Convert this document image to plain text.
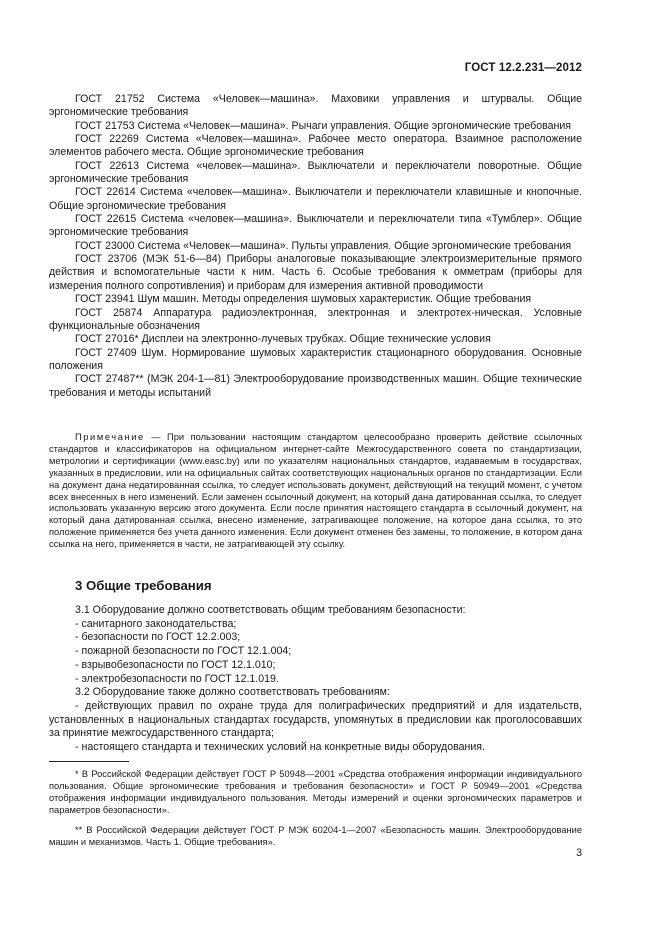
ГОСТ 12.2.231—2012

ГОСТ 21752 Система «Человек—машина». Маховики управления и штурвалы. Общие эргономические требования

ГОСТ 21753 Система «Человек—машина». Рычаги управления. Общие эргономические требования

ГОСТ 22269 Система «Человек—машина». Рабочее место оператора. Взаимное расположение элементов рабочего места. Общие эргономические требования

ГОСТ 22613 Система «человек—машина». Выключатели и переключатели поворотные. Общие эргономические требования

ГОСТ 22614 Система «человек—машина». Выключатели и переключатели клавишные и кнопочные. Общие эргономические требования

ГОСТ 22615 Система «человек—машина». Выключатели и переключатели типа «Тумблер». Общие эргономические требования

ГОСТ 23000 Система «Человек—машина». Пульты управления. Общие эргономические требования

ГОСТ 23706 (МЭК 51-6—84) Приборы аналоговые показывающие электроизмерительные прямого действия и вспомогательные части к ним. Часть 6. Особые требования к омметрам (приборы для измерения полного сопротивления) и приборам для измерения активной проводимости

ГОСТ 23941 Шум машин. Методы определения шумовых характеристик. Общие требования

ГОСТ 25874 Аппаратура радиоэлектронная, электронная и электротех-ническая. Условные функциональные обозначения

ГОСТ 27016* Дисплеи на электронно-лучевых трубках. Общие технические условия

ГОСТ 27409 Шум. Нормирование шумовых характеристик стационарного оборудования. Основные положения

ГОСТ 27487** (МЭК 204-1—81) Электрооборудование производственных машин. Общие технические требования и методы испытаний

Примечание — При пользовании настоящим стандартом целесообразно проверить действие ссылочных стандартов и классификаторов на официальном интернет-сайте Межгосударственного совета по стандартизации, метрологии и сертификации (www.easc.by) или по указателям национальных стандартов, издаваемым в государствах, указанных в предисловии, или на официальных сайтах соответствующих национальных органов по стандартизации. Если на документ дана недатированная ссылка, то следует использовать документ, действующий на текущий момент, с учетом всех внесенных в него изменений. Если заменен ссылочный документ, на который дана датированная ссылка, то следует использовать указанную версию этого документа. Если после принятия настоящего стандарта в ссылочный документ, на который дана датированная ссылка, внесено изменение, затрагивающее положение, на которое дана ссылка, то это положение применяется без учета данного изменения. Если документ отменен без замены, то положение, в котором дана ссылка на него, применяется в части, не затрагивающей эту ссылку.

3 Общие требования

3.1 Оборудование должно соответствовать общим требованиям безопасности:

- санитарного законодательства;

- безопасности по ГОСТ 12.2.003;

- пожарной безопасности по ГОСТ 12.1.004;

- взрывобезопасности по ГОСТ 12.1.010;

- электробезопасности по ГОСТ 12.1.019.

3.2 Оборудование также должно соответствовать требованиям:

- действующих правил по охране труда для полиграфических предприятий и для издательств, установленных в национальных стандартах государств, упомянутых в предисловии как проголосовавших за принятие межгосударственного стандарта;

- настоящего стандарта и технических условий на конкретные виды оборудования.

* В Российской Федерации действует ГОСТ Р 50948—2001 «Средства отображения информации индивидуального пользования. Общие эргономические требования и требования безопасности» и ГОСТ Р 50949—2001 «Средства отображения информации индивидуального пользования. Методы измерений и оценки эргономических параметров и параметров безопасности».

** В Российской Федерации действует ГОСТ Р МЭК 60204-1—2007 «Безопасность машин. Электрооборудование машин и механизмов. Часть 1. Общие требования».

3
